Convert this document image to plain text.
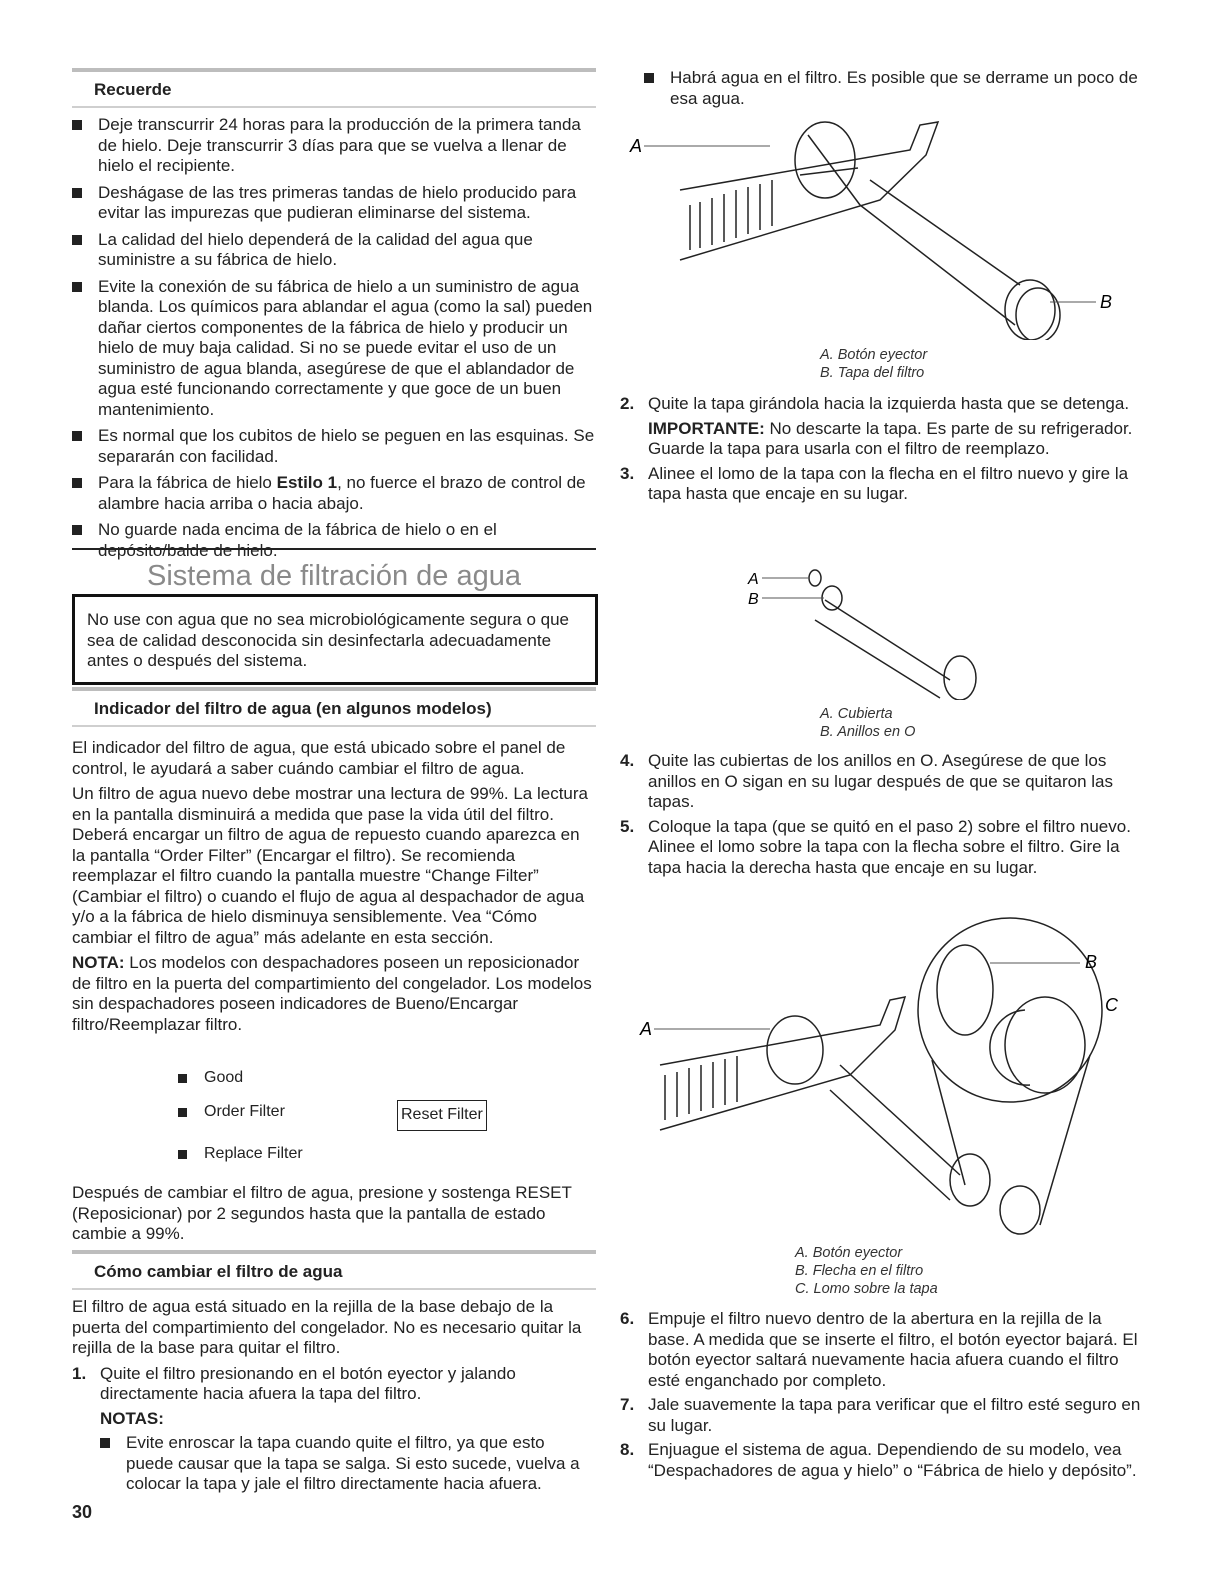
Recuerde
Deje transcurrir 24 horas para la producción de la primera tanda de hielo. Deje transcurrir 3 días para que se vuelva a llenar de hielo el recipiente.
Deshágase de las tres primeras tandas de hielo producido para evitar las impurezas que pudieran eliminarse del sistema.
La calidad del hielo dependerá de la calidad del agua que suministre a su fábrica de hielo.
Evite la conexión de su fábrica de hielo a un suministro de agua blanda. Los químicos para ablandar el agua (como la sal) pueden dañar ciertos componentes de la fábrica de hielo y producir un hielo de muy baja calidad. Si no se puede evitar el uso de un suministro de agua blanda, asegúrese de que el ablandador de agua esté funcionando correctamente y que goce de un buen mantenimiento.
Es normal que los cubitos de hielo se peguen en las esquinas. Se separarán con facilidad.
Para la fábrica de hielo Estilo 1, no fuerce el brazo de control de alambre hacia arriba o hacia abajo.
No guarde nada encima de la fábrica de hielo o en el depósito/balde de hielo.
Sistema de filtración de agua
No use con agua que no sea microbiológicamente segura o que sea de calidad desconocida sin desinfectarla adecuadamente antes o después del sistema.
Indicador del filtro de agua (en algunos modelos)

El indicador del filtro de agua, que está ubicado sobre el panel de control, le ayudará a saber cuándo cambiar el filtro de agua.

Un filtro de agua nuevo debe mostrar una lectura de 99%. La lectura en la pantalla disminuirá a medida que pase la vida útil del filtro. Deberá encargar un filtro de agua de repuesto cuando aparezca en la pantalla “Order Filter” (Encargar el filtro). Se recomienda reemplazar el filtro cuando la pantalla muestre “Change Filter” (Cambiar el filtro) o cuando el flujo de agua al despachador de agua y/o a la fábrica de hielo disminuya sensiblemente. Vea “Cómo cambiar el filtro de agua” más adelante en esta sección.

NOTA: Los modelos con despachadores poseen un reposicionador de filtro en la puerta del compartimiento del congelador. Los modelos sin despachadores poseen indicadores de Bueno/Encargar filtro/Reemplazar filtro.

Good
Order Filter
Replace Filter
Reset Filter
Después de cambiar el filtro de agua, presione y sostenga RESET (Reposicionar) por 2 segundos hasta que la pantalla de estado cambie a 99%.
Cómo cambiar el filtro de agua

El filtro de agua está situado en la rejilla de la base debajo de la puerta del compartimiento del congelador. No es necesario quitar la rejilla de la base para quitar el filtro.

1. Quite el filtro presionando en el botón eyector y jalando directamente hacia afuera la tapa del filtro.
NOTAS:
Evite enroscar la tapa cuando quite el filtro, ya que esto puede causar que la tapa se salga. Si esto sucede, vuelva a colocar la tapa y jale el filtro directamente hacia afuera.
30
Habrá agua en el filtro. Es posible que se derrame un poco de esa agua.
A
B
A. Botón eyector
B. Tapa del filtro
2. Quite la tapa girándola hacia la izquierda hasta que se detenga.
IMPORTANTE: No descarte la tapa. Es parte de su refrigerador. Guarde la tapa para usarla con el filtro de reemplazo.
3. Alinee el lomo de la tapa con la flecha en el filtro nuevo y gire la tapa hasta que encaje en su lugar.
A
B
A. Cubierta
B. Anillos en O
4. Quite las cubiertas de los anillos en O. Asegúrese de que los anillos en O sigan en su lugar después de que se quitaron las tapas.
5. Coloque la tapa (que se quitó en el paso 2) sobre el filtro nuevo. Alinee el lomo sobre la tapa con la flecha sobre el filtro. Gire la tapa hacia la derecha hasta que encaje en su lugar.
B
C
A
A. Botón eyector
B. Flecha en el filtro
C. Lomo sobre la tapa
6. Empuje el filtro nuevo dentro de la abertura en la rejilla de la base. A medida que se inserte el filtro, el botón eyector bajará. El botón eyector saltará nuevamente hacia afuera cuando el filtro esté enganchado por completo.
7. Jale suavemente la tapa para verificar que el filtro esté seguro en su lugar.
8. Enjuague el sistema de agua. Dependiendo de su modelo, vea “Despachadores de agua y hielo” o “Fábrica de hielo y depósito”.
